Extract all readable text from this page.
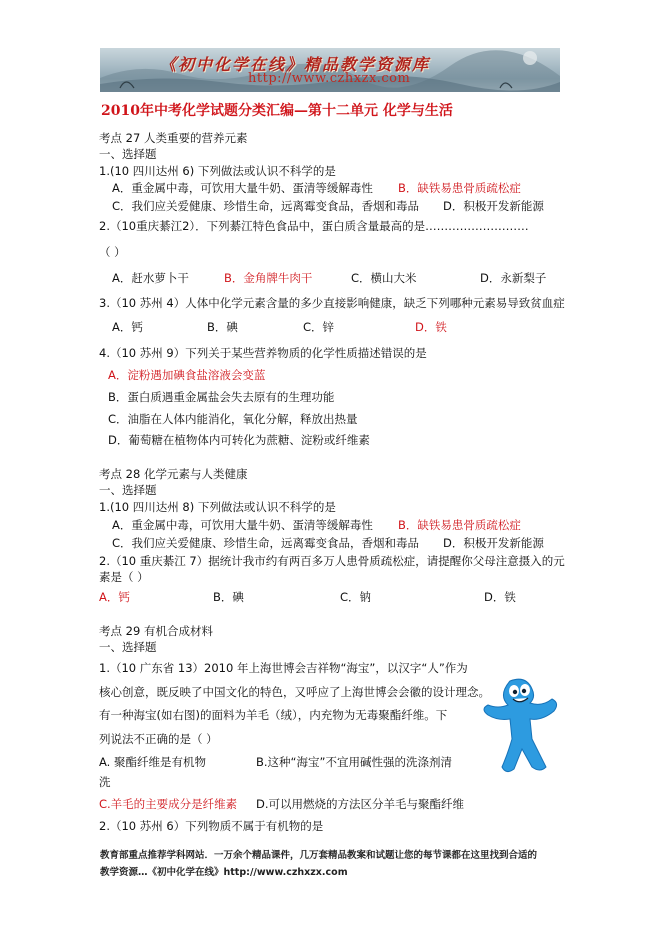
《初中化学在线》精品教学资源库
http://www.czhxzx.com
2010年中考化学试题分类汇编—第十二单元 化学与生活
考点 27 人类重要的营养元素
一、选择题
1.(10 四川达州 6) 下列做法或认识不科学的是
A．重金属中毒，可饮用大量牛奶、蛋清等缓解毒性 B．缺铁易患骨质疏松症
C．我们应关爱健康、珍惜生命，远离霉变食品，香烟和毒品 D．积极开发新能源
2.（10重庆綦江2）．下列綦江特色食品中，蛋白质含量最高的是………………………
（ ）
A．赶水萝卜干	B．金角牌牛肉干	C．横山大米	D．永新梨子
3.（10 苏州 4）人体中化学元素含量的多少直接影响健康，缺乏下列哪种元素易导致贫血症
A．钙	B．碘	C．锌	D．铁
4.（10 苏州 9）下列关于某些营养物质的化学性质描述错误的是
A．淀粉遇加碘食盐溶液会变蓝
B．蛋白质遇重金属盐会失去原有的生理功能
C．油脂在人体内能消化，氧化分解，释放出热量
D．葡萄糖在植物体内可转化为蔗糖、淀粉或纤维素
考点 28 化学元素与人类健康
一、选择题
1.(10 四川达州 8) 下列做法或认识不科学的是
A．重金属中毒，可饮用大量牛奶、蛋清等缓解毒性 B．缺铁易患骨质疏松症
C．我们应关爱健康、珍惜生命，远离霉变食品，香烟和毒品 D．积极开发新能源
2.（10 重庆綦江 7）据统计我市约有两百多万人患骨质疏松症，请提醒你父母注意摄入的元
素是（ ）
A．钙	B．碘	C．钠	D．铁
考点 29 有机合成材料
一、选择题
1.（10 广东省 13）2010 年上海世博会吉祥物“海宝”，以汉字“人”作为
核心创意，既反映了中国文化的特色，又呼应了上海世博会会徽的设计理念。
有一种海宝(如右图)的面料为羊毛（绒），内充物为无毒聚酯纤维。下
列说法不正确的是（ ）
A. 聚酯纤维是有机物	B.这种“海宝”不宜用碱性强的洗涤剂清
洗
C.羊毛的主要成分是纤维素 D.可以用燃烧的方法区分羊毛与聚酯纤维
2.（10 苏州 6）下列物质不属于有机物的是
教育部重点推荐学科网站．一万余个精品课件，几万套精品教案和试题让您的每节课都在这里找到合适的
教学资源…《初中化学在线》http://www.czhxzx.com
